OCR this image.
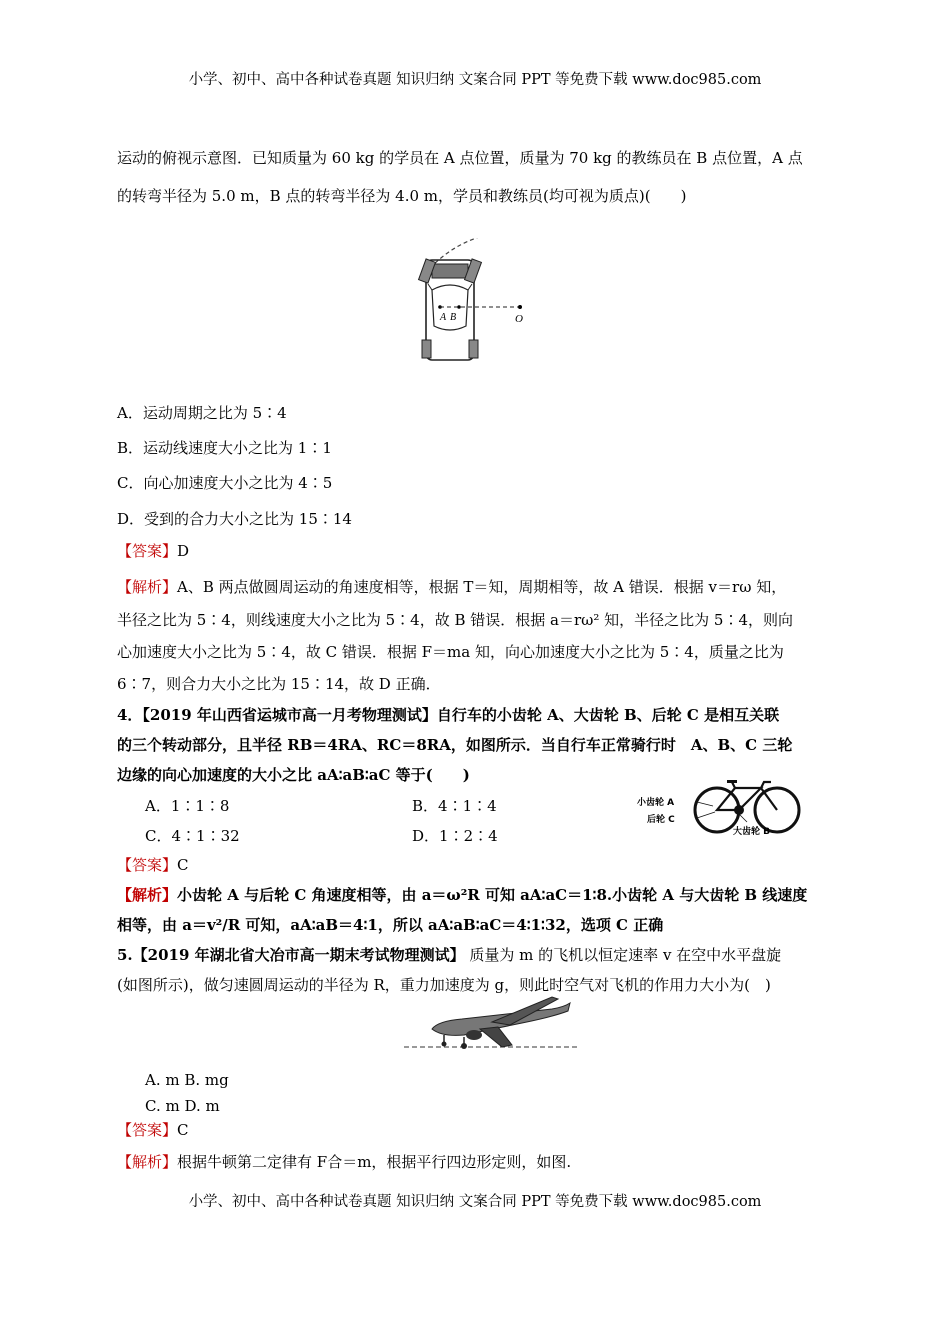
小学、初中、高中各种试卷真题 知识归纳 文案合同 PPT 等免费下载 www.doc985.com
运动的俯视示意图．已知质量为 60 kg 的学员在 A 点位置，质量为 70 kg 的教练员在 B 点位置，A 点
的转弯半径为 5.0 m，B 点的转弯半径为 4.0 m，学员和教练员(均可视为质点)(　　)
A B	O
A．运动周期之比为 5∶4
B．运动线速度大小之比为 1∶1
C．向心加速度大小之比为 4∶5
D．受到的合力大小之比为 15∶14
【答案】D
【解析】A、B 两点做圆周运动的角速度相等，根据 T＝知，周期相等，故 A 错误．根据 v＝rω 知，
半径之比为 5∶4，则线速度大小之比为 5∶4，故 B 错误．根据 a＝rω² 知，半径之比为 5∶4，则向
心加速度大小之比为 5∶4，故 C 错误．根据 F＝ma 知，向心加速度大小之比为 5∶4，质量之比为
6∶7，则合力大小之比为 15∶14，故 D 正确．
4．【2019 年山西省运城市高一月考物理测试】自行车的小齿轮 A、大齿轮 B、后轮 C 是相互关联
的三个转动部分，且半径 RB＝4RA、RC＝8RA，如图所示．当自行车正常骑行时　A、B、C 三轮
边缘的向心加速度的大小之比 aA∶aB∶aC 等于(　　)
A．1∶1∶8	B．4∶1∶4
C．4∶1∶32	D．1∶2∶4
小齿轮 A
后轮 C
大齿轮 B
【答案】C
【解析】小齿轮 A 与后轮 C 角速度相等，由 a＝ω²R 可知 aA∶aC＝1∶8.小齿轮 A 与大齿轮 B 线速度
相等，由 a＝v²/R 可知，aA∶aB＝4∶1，所以 aA∶aB∶aC＝4∶1∶32，选项 C 正确
5.【2019 年湖北省大冶市高一期末考试物理测试】 质量为 m 的飞机以恒定速率 v 在空中水平盘旋
(如图所示)，做匀速圆周运动的半径为 R，重力加速度为 g，则此时空气对飞机的作用力大小为(　)
A. m B. mg
C. m D. m
【答案】C
【解析】根据牛顿第二定律有 F合＝m，根据平行四边形定则，如图.
小学、初中、高中各种试卷真题 知识归纳 文案合同 PPT 等免费下载 www.doc985.com
